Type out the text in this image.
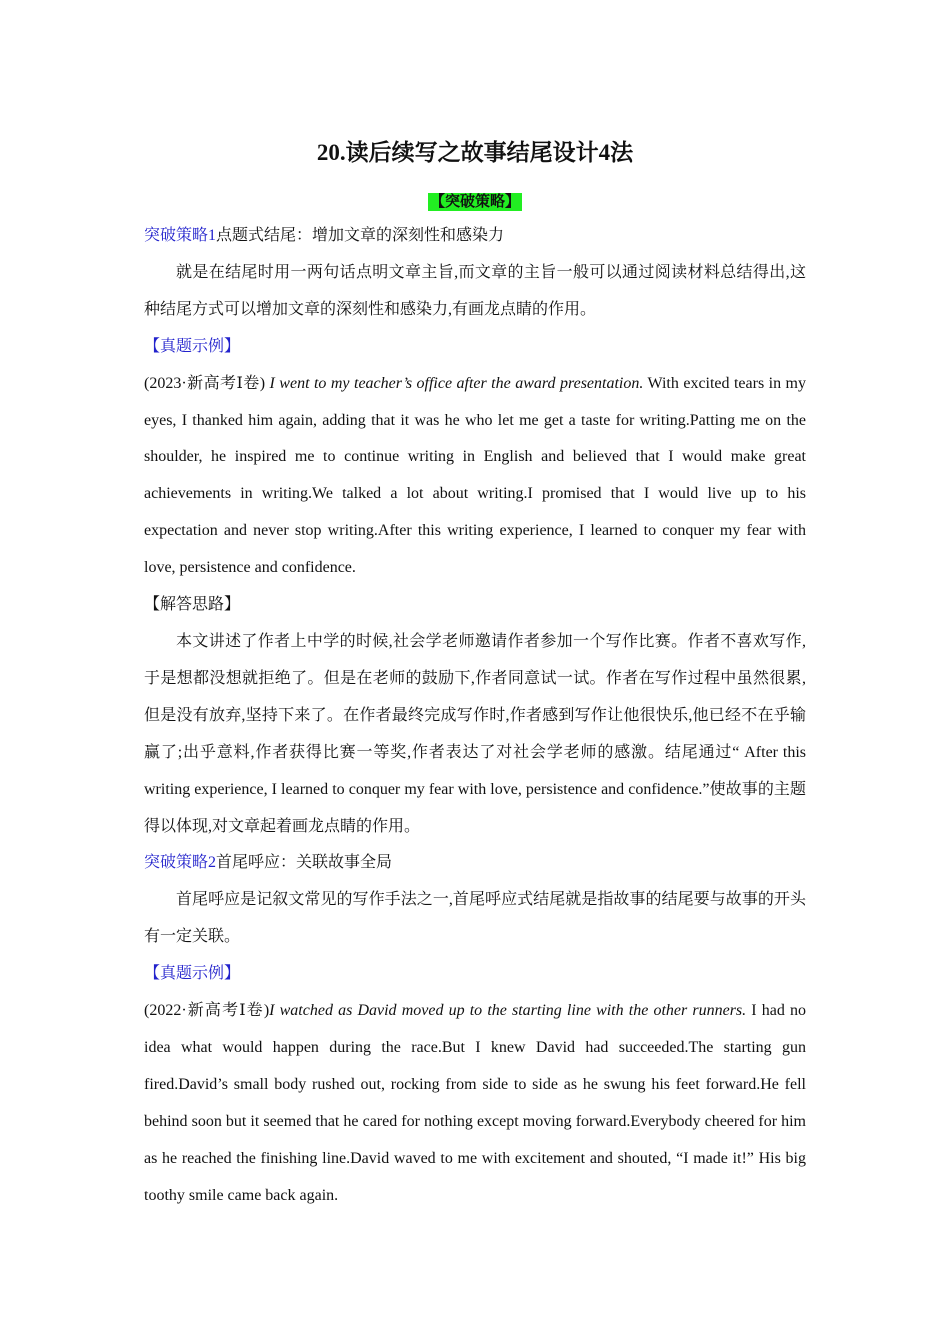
20.读后续写之故事结尾设计4法
【突破策略】

突破策略1点题式结尾：增加文章的深刻性和感染力

就是在结尾时用一两句话点明文章主旨,而文章的主旨一般可以通过阅读材料总结得出,这种结尾方式可以增加文章的深刻性和感染力,有画龙点睛的作用。

【真题示例】

(2023·新高考Ⅰ卷) I went to my teacher’s office after the award presentation. With excited tears in my eyes, I thanked him again, adding that it was he who let me get a taste for writing.Patting me on the shoulder, he inspired me to continue writing in English and believed that I would make great achievements in writing.We talked a lot about writing.I promised that I would live up to his expectation and never stop writing.After this writing experience, I learned to conquer my fear with love, persistence and confidence.

【解答思路】

本文讲述了作者上中学的时候,社会学老师邀请作者参加一个写作比赛。作者不喜欢写作,于是想都没想就拒绝了。但是在老师的鼓励下,作者同意试一试。作者在写作过程中虽然很累,但是没有放弃,坚持下来了。在作者最终完成写作时,作者感到写作让他很快乐,他已经不在乎输赢了;出乎意料,作者获得比赛一等奖,作者表达了对社会学老师的感激。结尾通过“ After this writing experience, I learned to conquer my fear with love, persistence and confidence.”使故事的主题得以体现,对文章起着画龙点睛的作用。

突破策略2首尾呼应：关联故事全局

首尾呼应是记叙文常见的写作手法之一,首尾呼应式结尾就是指故事的结尾要与故事的开头有一定关联。

【真题示例】

(2022·新高考Ⅰ卷)I watched as David moved up to the starting line with the other runners. I had no idea what would happen during the race.But I knew David had succeeded.The starting gun fired.David’s small body rushed out, rocking from side to side as he swung his feet forward.He fell behind soon but it seemed that he cared for nothing except moving forward.Everybody cheered for him as he reached the finishing line.David waved to me with excitement and shouted, “I made it!” His big toothy smile came back again.
